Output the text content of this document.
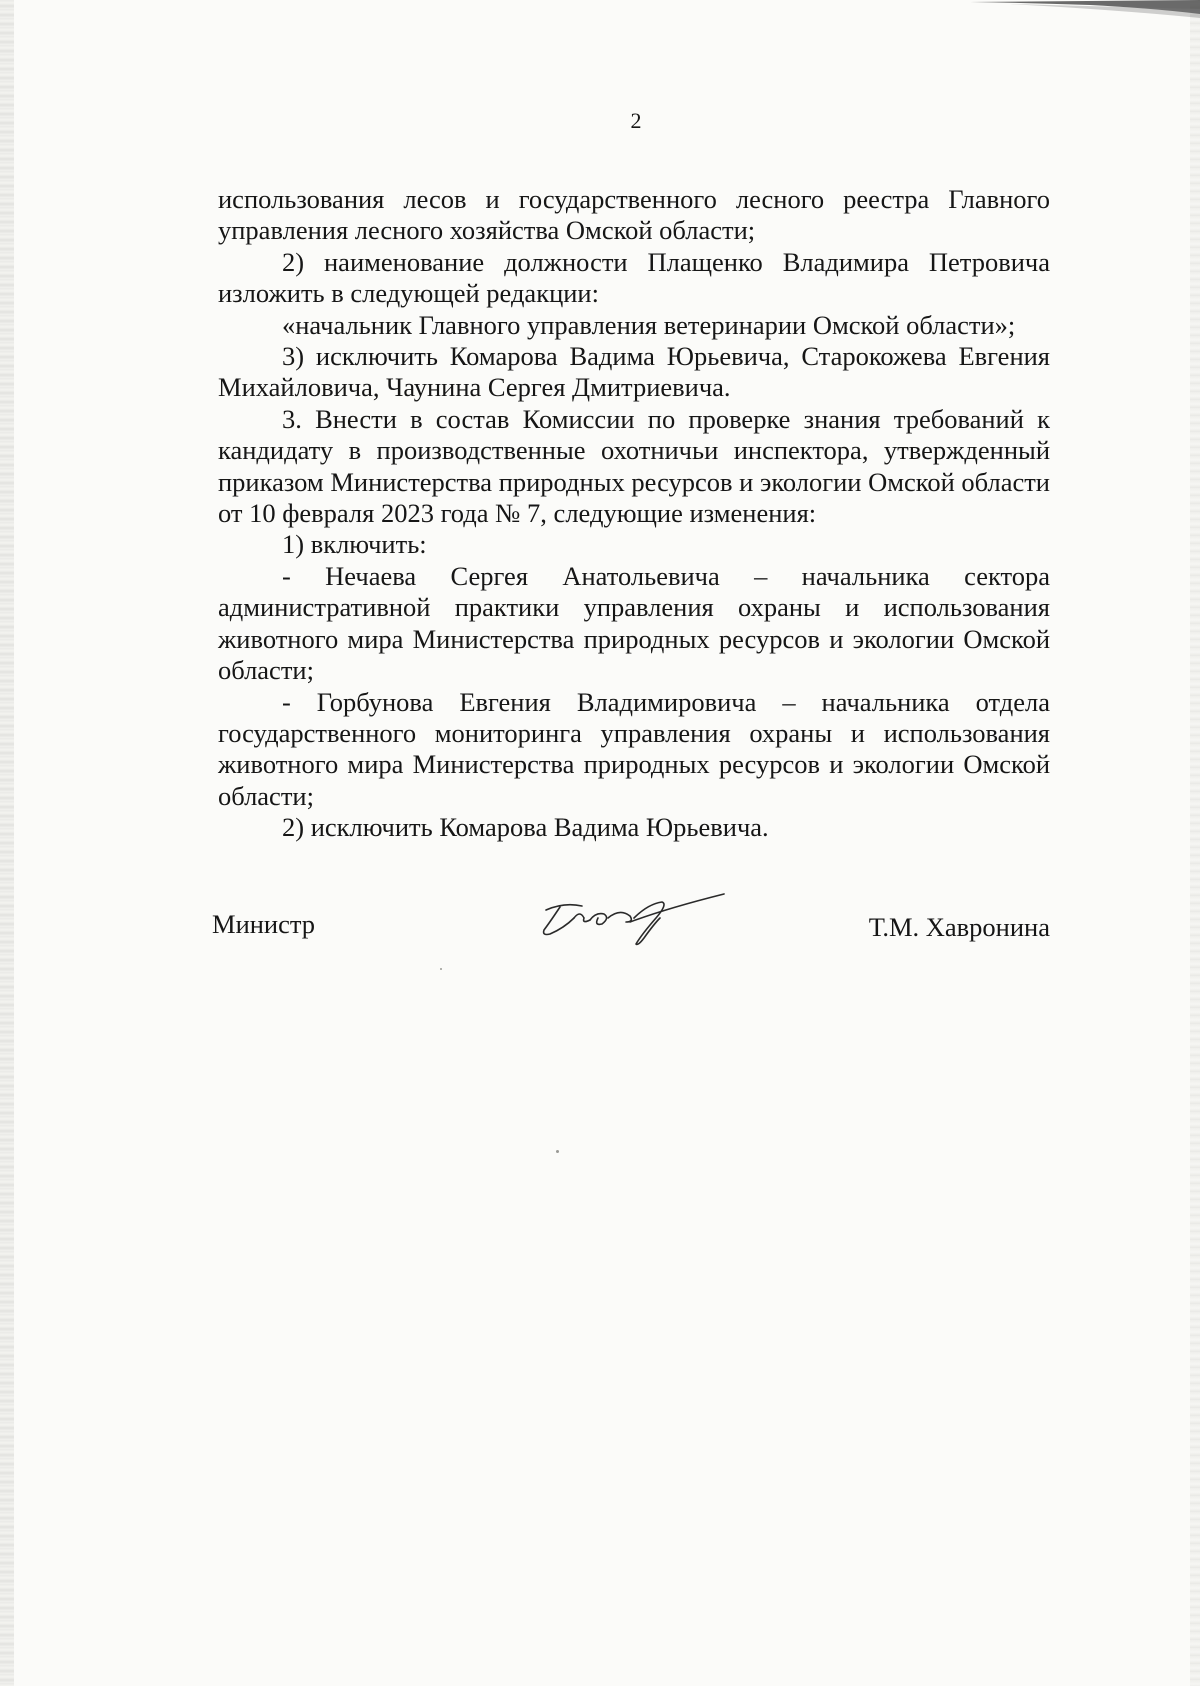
2

использования лесов и государственного лесного реестра Главного управления лесного хозяйства Омской области;

2) наименование должности Плащенко Владимира Петровича изложить в следующей редакции:

«начальник Главного управления ветеринарии Омской области»;

3) исключить Комарова Вадима Юрьевича, Старокожева Евгения Михайловича, Чаунина Сергея Дмитриевича.

3. Внести в состав Комиссии по проверке знания требований к кандидату в производственные охотничьи инспектора, утвержденный приказом Министерства природных ресурсов и экологии Омской области от 10 февраля 2023 года № 7, следующие изменения:

1) включить:

- Нечаева Сергея Анатольевича – начальника сектора

административной практики управления охраны и использования животного мира Министерства природных ресурсов и экологии Омской области;

- Горбунова Евгения Владимировича – начальника отдела государственного мониторинга управления охраны и использования животного мира Министерства природных ресурсов и экологии Омской области;

2) исключить Комарова Вадима Юрьевича.

Министр	Т.М. Хавронина
